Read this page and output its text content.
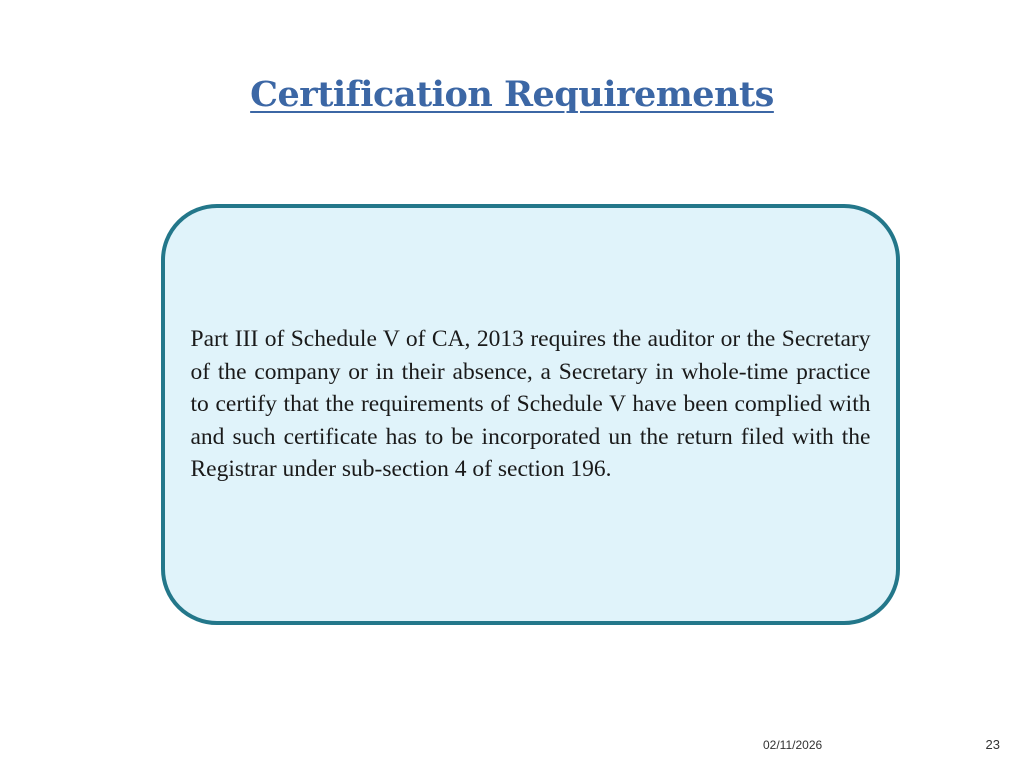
Certification Requirements

Part III of Schedule V of CA, 2013 requires the auditor or the Secretary of the company or in their absence, a Secretary in whole-time practice to certify that the requirements of Schedule V have been complied with and such certificate has to be incorporated un the return filed with the Registrar under sub-section 4 of section 196.

02/11/2026	23
